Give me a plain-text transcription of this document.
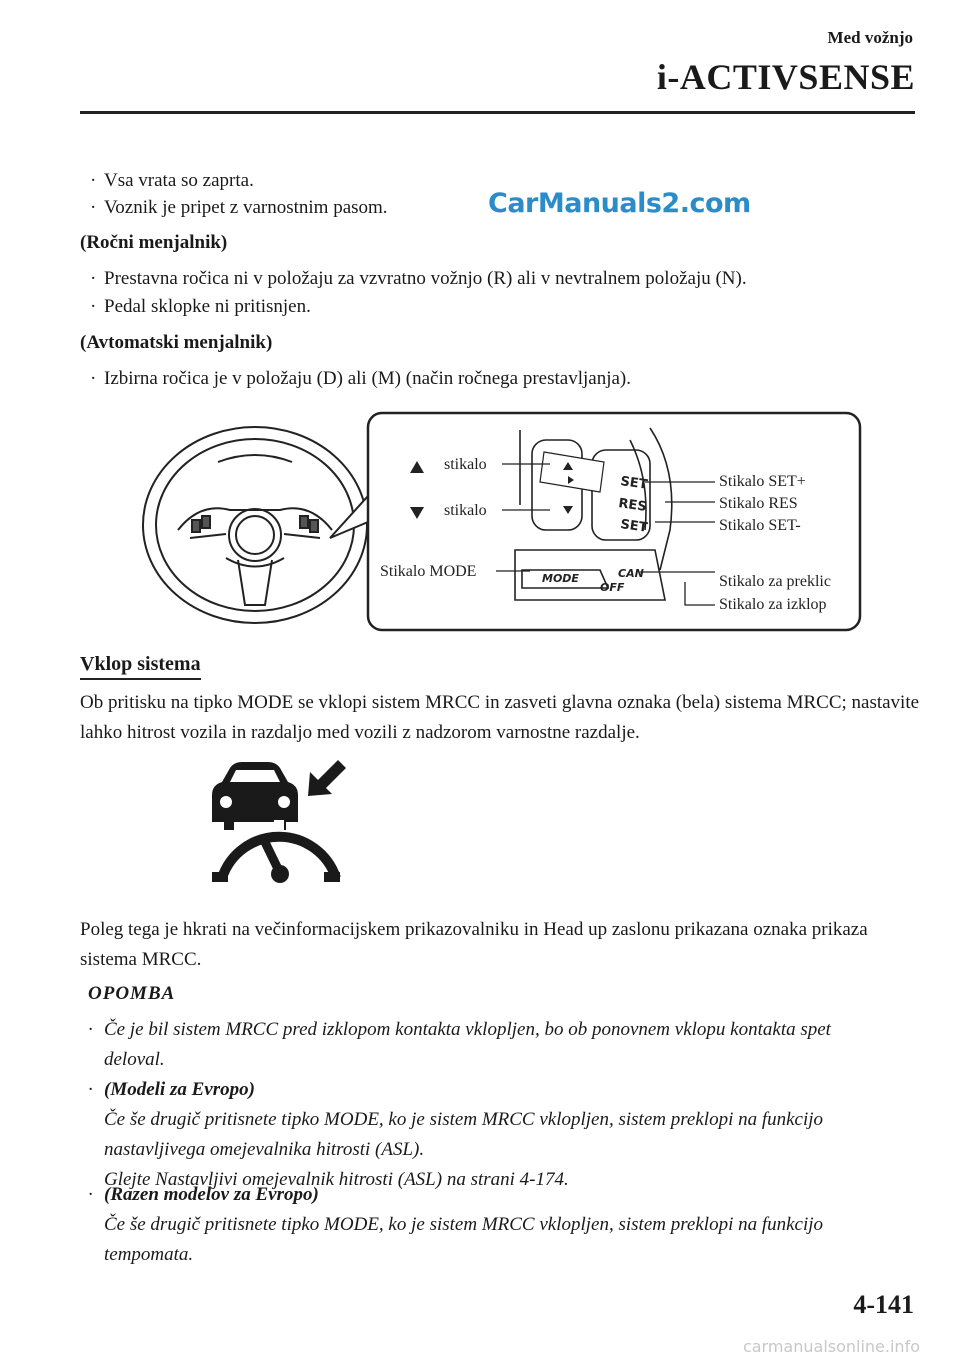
Med vožnjo
i-ACTIVSENSE
CarManuals2.com
· Vsa vrata so zaprta.
· Voznik je pripet z varnostnim pasom.
(Ročni menjalnik)
· Prestavna ročica ni v položaju za vzvratno vožnjo (R) ali v nevtralnem položaju (N).
· Pedal sklopke ni pritisnjen.
(Avtomatski menjalnik)
· Izbirna ročica je v položaju (D) ali (M) (način ročnega prestavljanja).
SET
RES
SET
MODE	CAN
OFF
stikalo
stikalo
Stikalo MODE
Stikalo SET+
Stikalo RES
Stikalo SET-
Stikalo za preklic
Stikalo za izklop
Vklop sistema
Ob pritisku na tipko MODE se vklopi sistem MRCC in zasveti glavna oznaka (bela) sistema MRCC; nastavite lahko hitrost vozila in razdaljo med vozili z nadzorom varnostne razdalje.
Poleg tega je hkrati na večinformacijskem prikazovalniku in Head up zaslonu prikazana oznaka prikaza sistema MRCC.
OPOMBA
· Če je bil sistem MRCC pred izklopom kontakta vklopljen, bo ob ponovnem vklopu kontakta spet deloval.
· (Modeli za Evropo)
Če še drugič pritisnete tipko MODE, ko je sistem MRCC vklopljen, sistem preklopi na funkcijo nastavljivega omejevalnika hitrosti (ASL).
Glejte Nastavljivi omejevalnik hitrosti (ASL) na strani 4-174.
· (Razen modelov za Evropo)
Če še drugič pritisnete tipko MODE, ko je sistem MRCC vklopljen, sistem preklopi na funkcijo tempomata.
4-141
carmanualsonline.info
